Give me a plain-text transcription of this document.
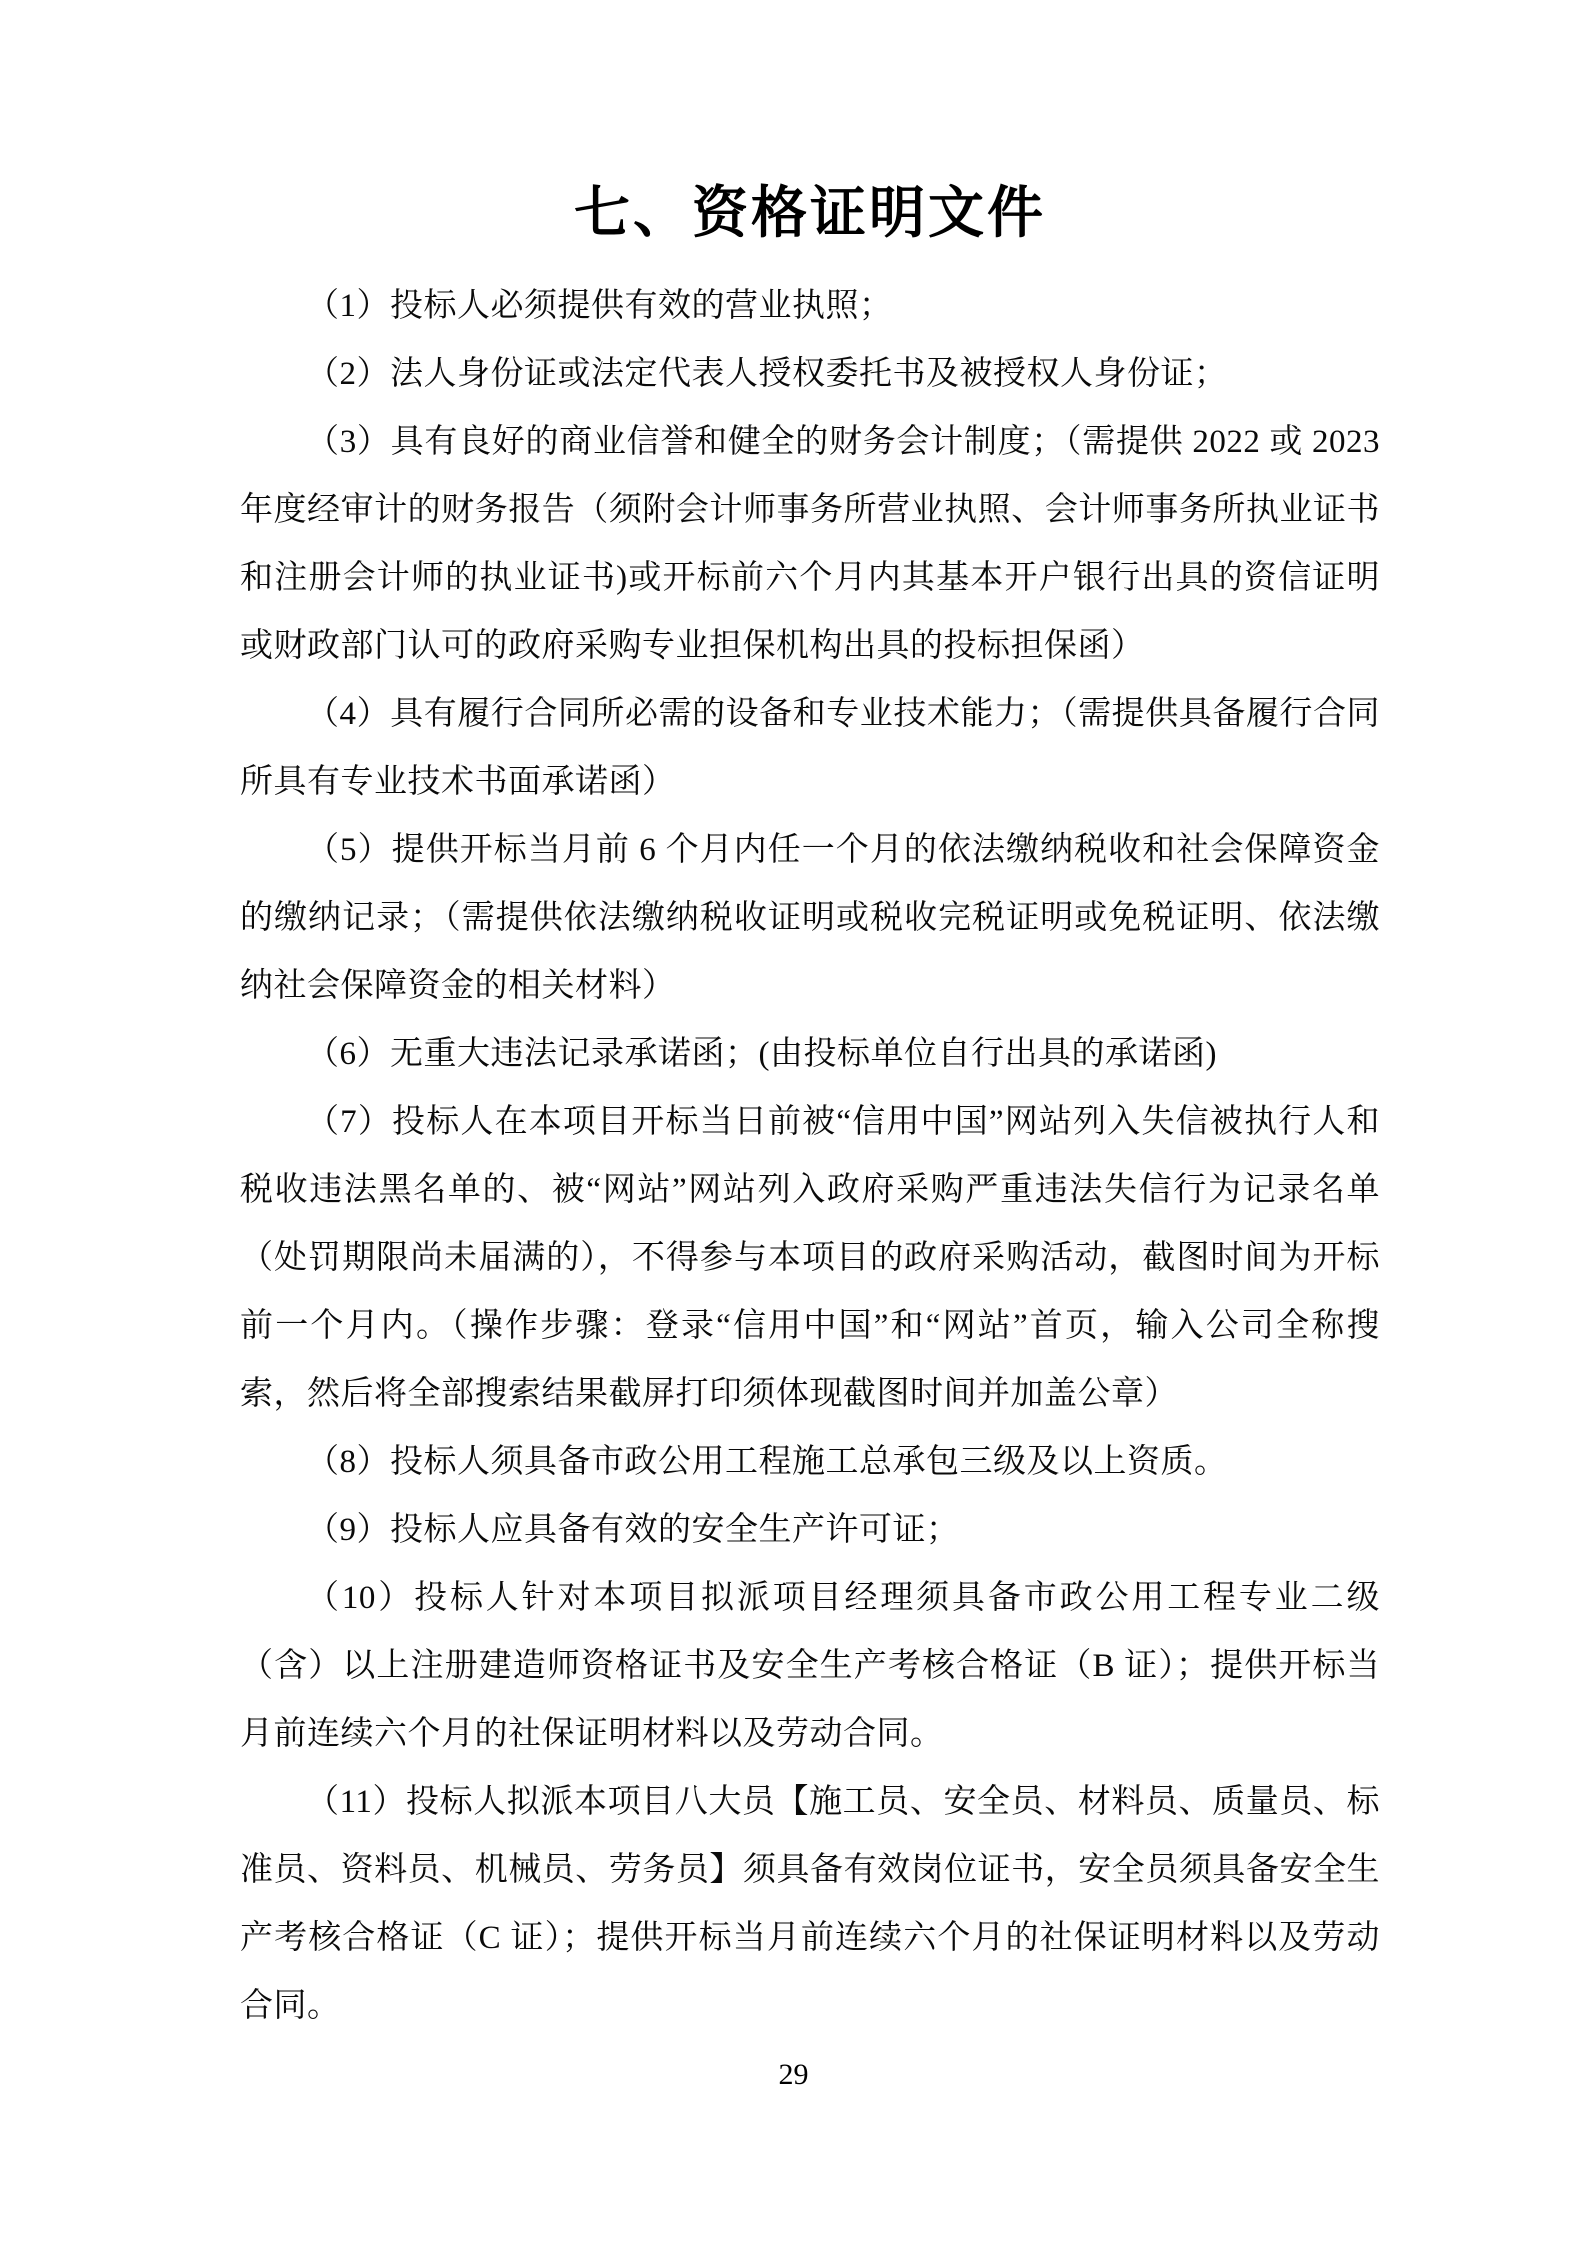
七、资格证明文件

（1）投标人必须提供有效的营业执照；

（2）法人身份证或法定代表人授权委托书及被授权人身份证；

（3）具有良好的商业信誉和健全的财务会计制度；（需提供 2022 或 2023 年度经审计的财务报告（须附会计师事务所营业执照、会计师事务所执业证书和注册会计师的执业证书)或开标前六个月内其基本开户银行出具的资信证明或财政部门认可的政府采购专业担保机构出具的投标担保函）

（4）具有履行合同所必需的设备和专业技术能力；（需提供具备履行合同所具有专业技术书面承诺函）

（5）提供开标当月前 6 个月内任一个月的依法缴纳税收和社会保障资金的缴纳记录；（需提供依法缴纳税收证明或税收完税证明或免税证明、依法缴纳社会保障资金的相关材料）

（6）无重大违法记录承诺函；(由投标单位自行出具的承诺函)

（7）投标人在本项目开标当日前被“信用中国”网站列入失信被执行人和税收违法黑名单的、被“网站”网站列入政府采购严重违法失信行为记录名单（处罚期限尚未届满的），不得参与本项目的政府采购活动，截图时间为开标前一个月内。（操作步骤：登录“信用中国”和“网站”首页，输入公司全称搜索，然后将全部搜索结果截屏打印须体现截图时间并加盖公章）

（8）投标人须具备市政公用工程施工总承包三级及以上资质。

（9）投标人应具备有效的安全生产许可证；

（10）投标人针对本项目拟派项目经理须具备市政公用工程专业二级（含）以上注册建造师资格证书及安全生产考核合格证（B 证）；提供开标当月前连续六个月的社保证明材料以及劳动合同。

（11）投标人拟派本项目八大员【施工员、安全员、材料员、质量员、标准员、资料员、机械员、劳务员】须具备有效岗位证书，安全员须具备安全生产考核合格证（C 证）；提供开标当月前连续六个月的社保证明材料以及劳动合同。

29
